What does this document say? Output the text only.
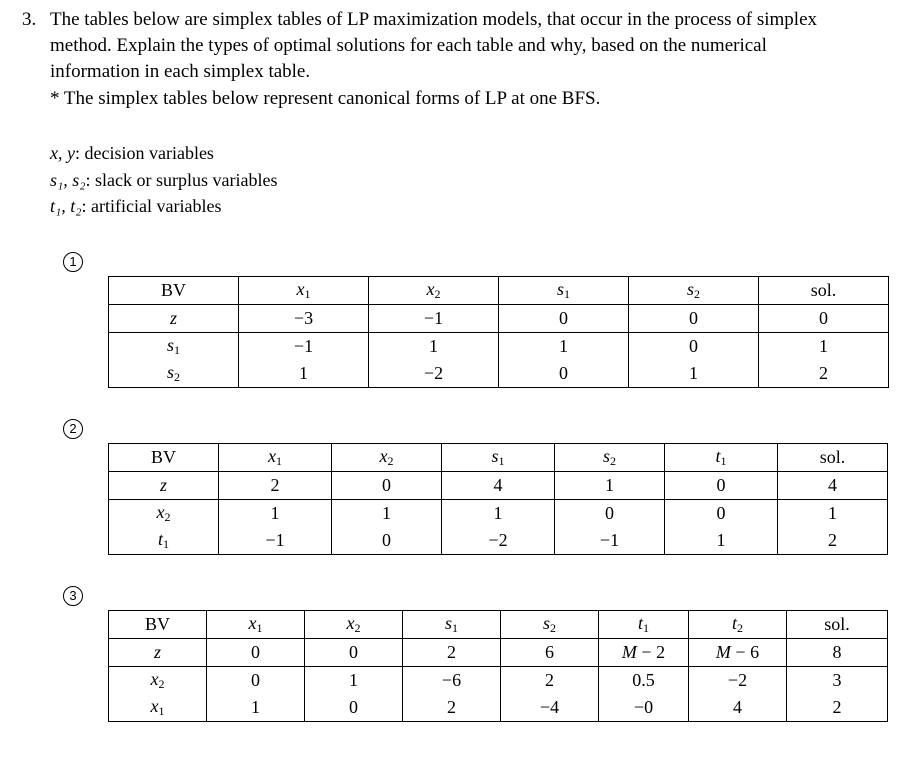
3. The tables below are simplex tables of LP maximization models, that occur in the process of simplex
method. Explain the types of optimal solutions for each table and why, based on the numerical
information in each simplex table.
* The simplex tables below represent canonical forms of LP at one BFS.
x, y: decision variables
s₁, s₂: slack or surplus variables
t₁, t₂: artificial variables
1
BV	$x_1$	$x_2$	$s_1$	$s_2$	sol.
z	−3	−1	0	0	0
$s_1$	−1	1	1	0	1
$s_2$	1	−2	0	1	2
2
BV	$x_1$	$x_2$	$s_1$	$s_2$	$t_1$	sol.
z	2	0	4	1	0	4
$x_2$	1	1	1	0	0	1
$t_1$	−1	0	−2	−1	1	2
3
BV	$x_1$	$x_2$	$s_1$	$s_2$	$t_1$	$t_2$	sol.
z	0	0	2	6	M − 2	M − 6	8
$x_2$	0	1	−6	2	0.5	−2	3
$x_1$	1	0	2	−4	−0	4	2
